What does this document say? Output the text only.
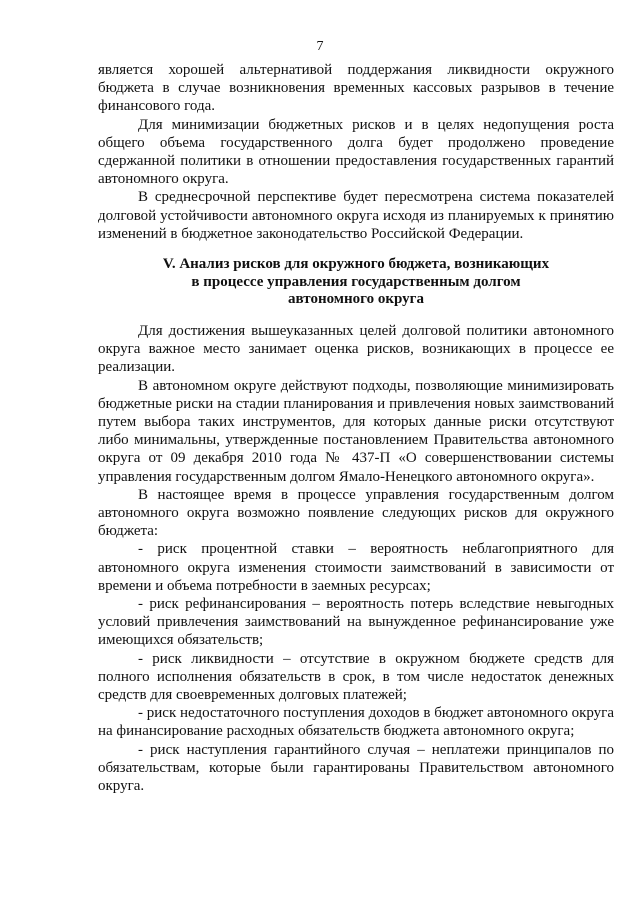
7

является хорошей альтернативой поддержания ликвидности окружного бюджета в случае возникновения временных кассовых разрывов в течение финансового года.

Для минимизации бюджетных рисков и в целях недопущения роста общего объема государственного долга будет продолжено проведение сдержанной политики в отношении предоставления государственных гарантий автономного округа.

В среднесрочной перспективе будет пересмотрена система показателей долговой устойчивости автономного округа исходя из планируемых к принятию изменений в бюджетное законодательство Российской Федерации.

V. Анализ рисков для окружного бюджета, возникающих
в процессе управления государственным долгом
автономного округа

Для достижения вышеуказанных целей долговой политики автономного округа важное место занимает оценка рисков, возникающих в процессе ее реализации.

В автономном округе действуют подходы, позволяющие минимизировать бюджетные риски на стадии планирования и привлечения новых заимствований путем выбора таких инструментов, для которых данные риски отсутствуют либо минимальны, утвержденные постановлением Правительства автономного округа от 09 декабря 2010 года № 437-П «О совершенствовании системы управления государственным долгом Ямало-Ненецкого автономного округа».

В настоящее время в процессе управления государственным долгом автономного округа возможно появление следующих рисков для окружного бюджета:

- риск процентной ставки – вероятность неблагоприятного для автономного округа изменения стоимости заимствований в зависимости от времени и объема потребности в заемных ресурсах;

- риск рефинансирования – вероятность потерь вследствие невыгодных условий привлечения заимствований на вынужденное рефинансирование уже имеющихся обязательств;

- риск ликвидности – отсутствие в окружном бюджете средств для полного исполнения обязательств в срок, в том числе недостаток денежных средств для своевременных долговых платежей;

- риск недостаточного поступления доходов в бюджет автономного округа на финансирование расходных обязательств бюджета автономного округа;

- риск наступления гарантийного случая – неплатежи принципалов по обязательствам, которые были гарантированы Правительством автономного округа.
